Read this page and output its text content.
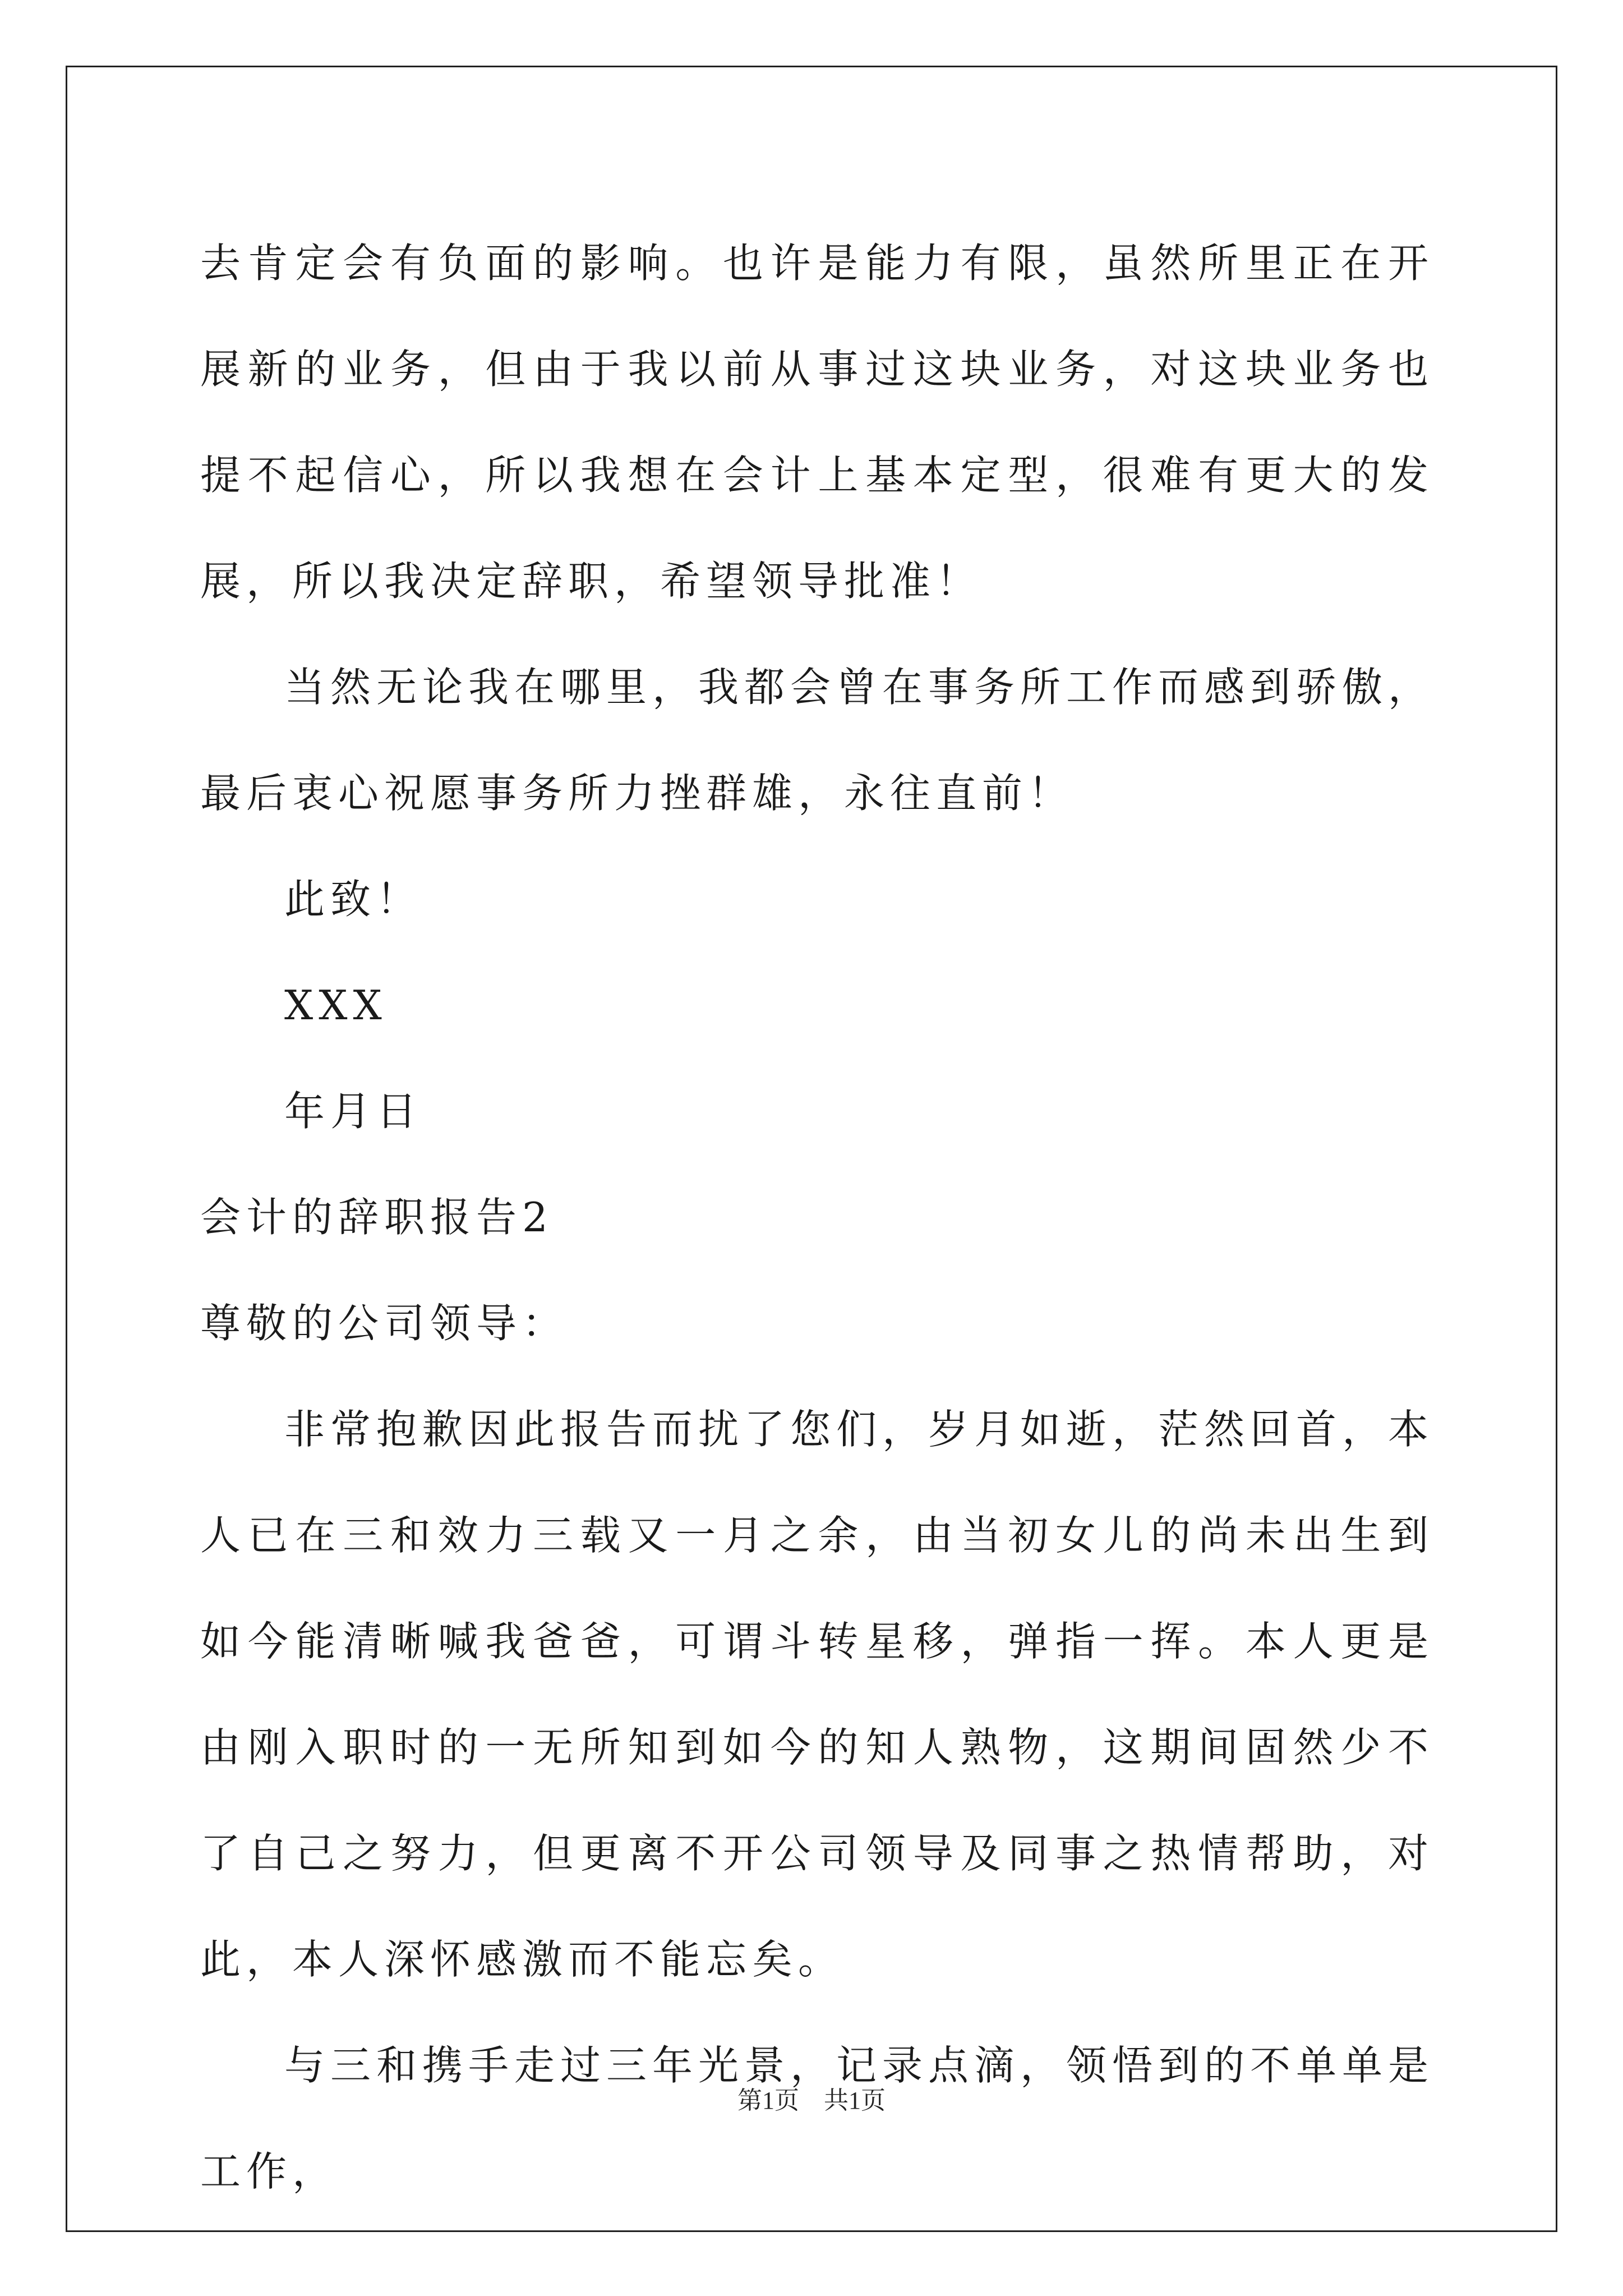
去肯定会有负面的影响。也许是能力有限，虽然所里正在开展新的业务，但由于我以前从事过这块业务，对这块业务也提不起信心，所以我想在会计上基本定型，很难有更大的发展，所以我决定辞职，希望领导批准！

当然无论我在哪里，我都会曾在事务所工作而感到骄傲，最后衷心祝愿事务所力挫群雄，永往直前！

此致！

XXX

年月日

会计的辞职报告2

尊敬的公司领导：

非常抱歉因此报告而扰了您们，岁月如逝，茫然回首，本人已在三和效力三载又一月之余，由当初女儿的尚未出生到如今能清晰喊我爸爸，可谓斗转星移，弹指一挥。本人更是由刚入职时的一无所知到如今的知人熟物，这期间固然少不了自己之努力，但更离不开公司领导及同事之热情帮助，对此，本人深怀感激而不能忘矣。

与三和携手走过三年光景，记录点滴，领悟到的不单单是工作，

第1页 共1页
